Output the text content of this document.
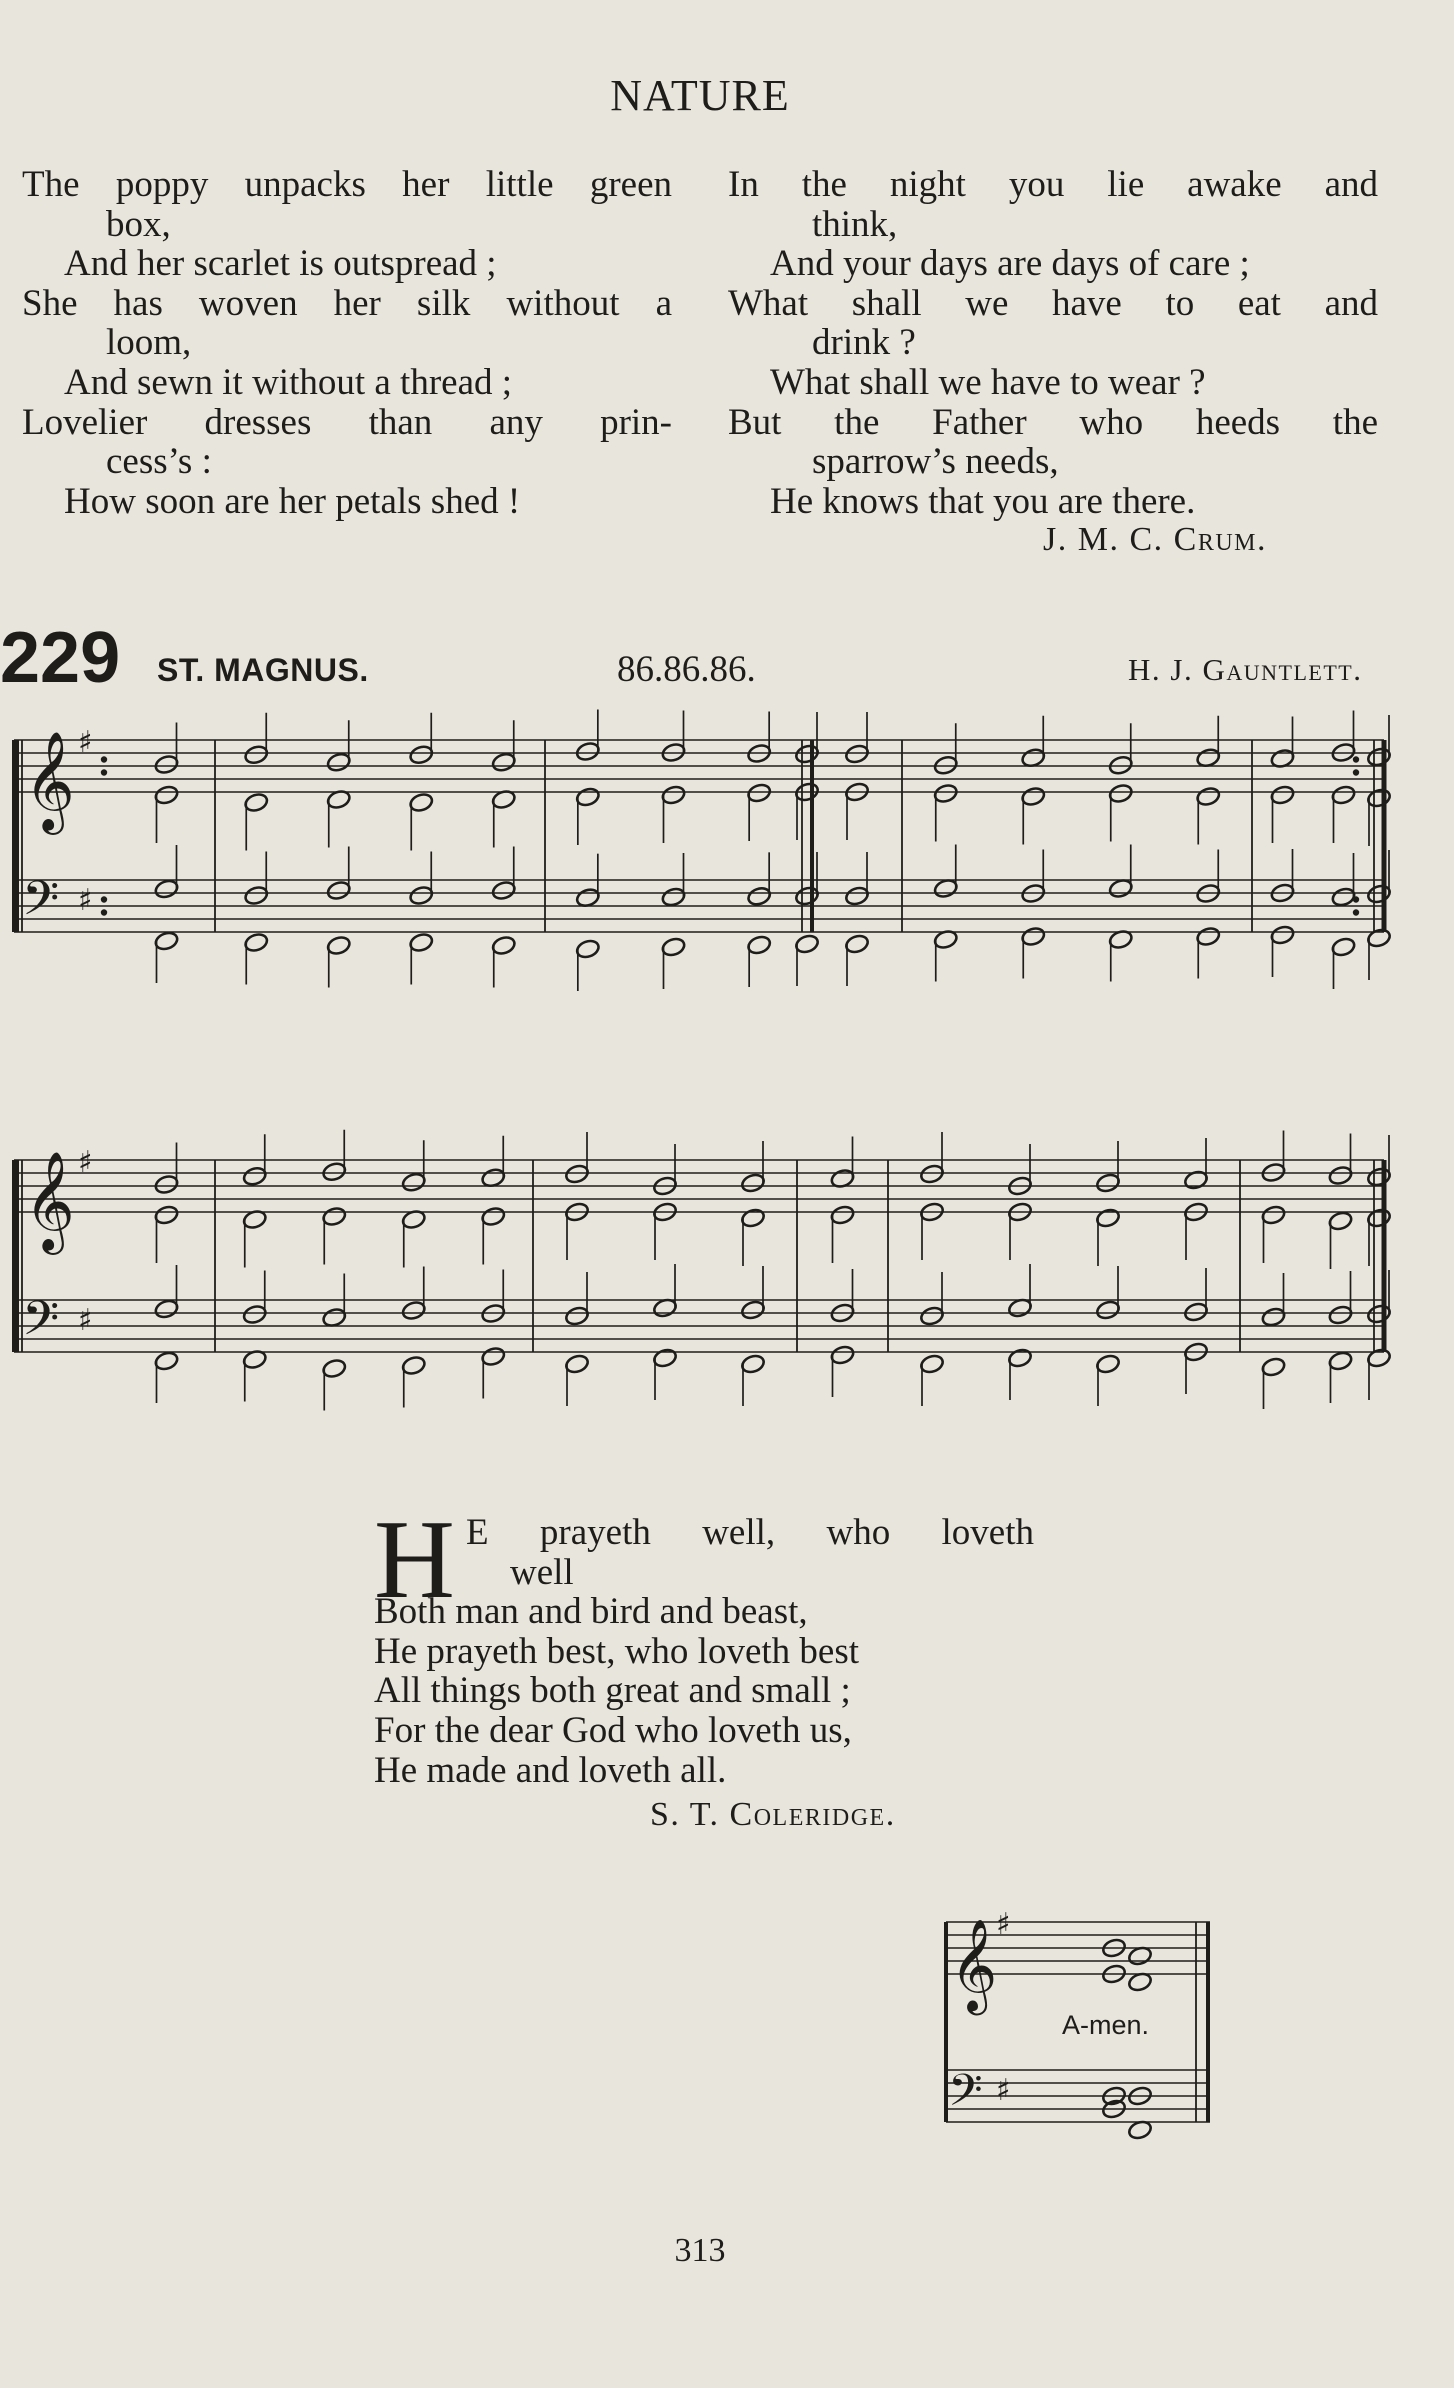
NATURE
The poppy unpacks her little green
box,
And her scarlet is outspread ;
She has woven her silk without a
loom,
And sewn it without a thread ;
Lovelier dresses than any prin-
cess’s :
How soon are her petals shed !
In the night you lie awake and
think,
And your days are days of care ;
What shall we have to eat and
drink ?
What shall we have to wear ?
But the Father who heeds the
sparrow’s needs,
He knows that you are there.
J. M. C. Crum.
229 ST. MAGNUS.	86.86.86.	H. J. Gauntlett.
𝄞
𝄢
♯
♯
𝄞
𝄢
♯
♯
H E prayeth well, who loveth
well
Both man and bird and beast,
He prayeth best, who loveth best
All things both great and small ;
For the dear God who loveth us,
He made and loveth all.
S. T. Coleridge.
𝄞
𝄢
♯
♯
A-men.
313
